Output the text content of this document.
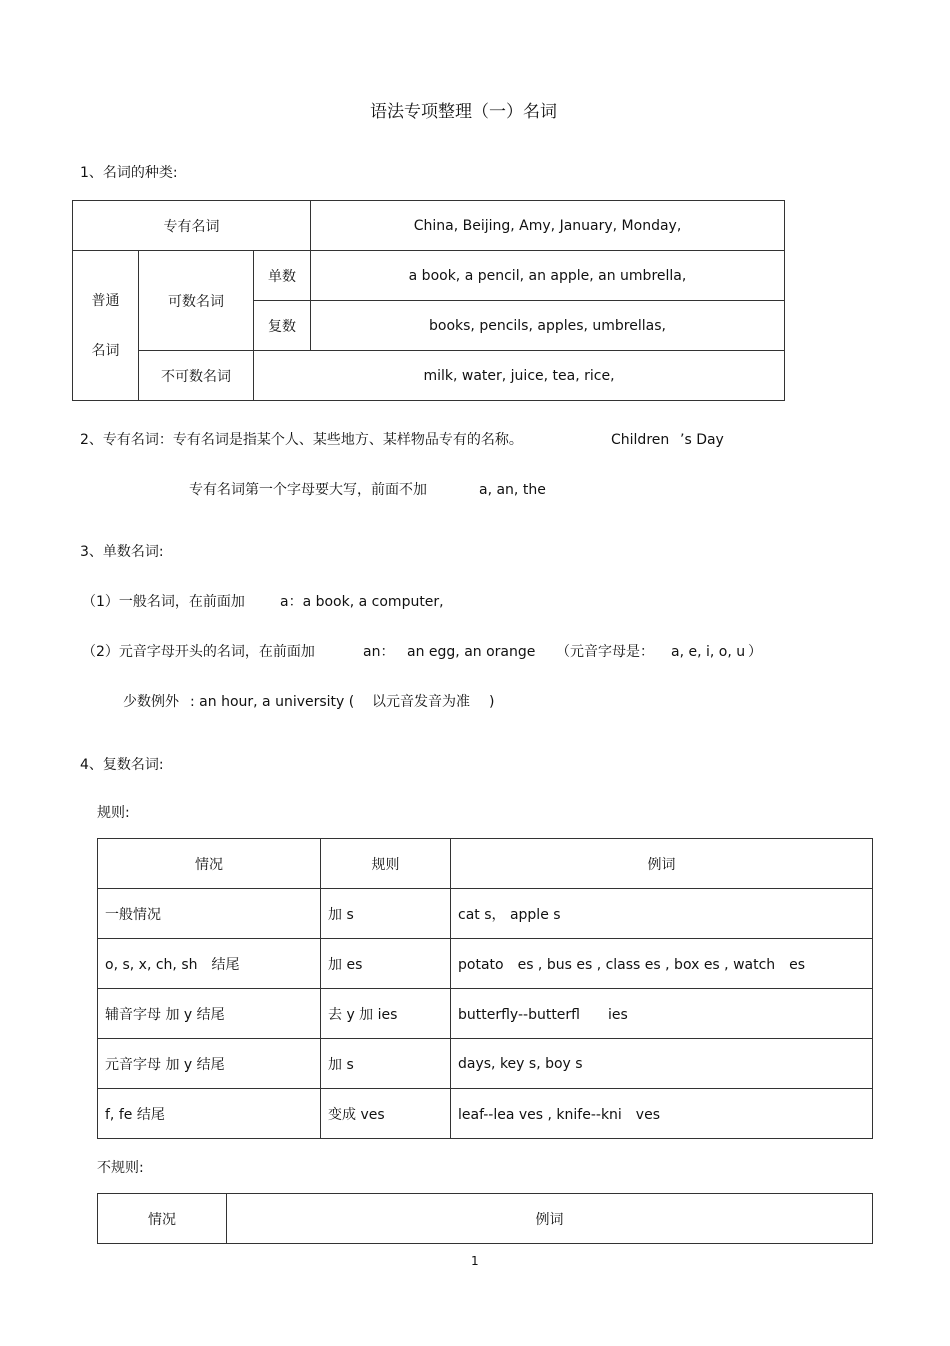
语法专项整理（一）名词
1、名词的种类:
专有名词			China, Beijing, Amy, January, Monday,

普通
名词	可数名词	单数	a book, a pencil, an apple, an umbrella,
		复数	books, pencils, apples, umbrellas,
	不可数名词	milk, water, juice, tea, rice,	
2、专有名词：专有名词是指某个人、某些地方、某样物品专有的名称。	Children ’s Day
专有名词第一个字母要大写，前面不加	a, an, the
3、单数名词:
（1）一般名词，在前面加	a：a book, a computer,
（2）元音字母开头的名词，在前面加	an： an egg, an orange （元音字母是： a, e, i, o, u ）
少数例外 : an hour, a university ( 以元音发音为准 )
4、复数名词:
规则:
情况	规则	例词
一般情况	加 s	cat s， apple s
o, s, x, ch, sh　结尾	加 es	potato　es , bus es , class es , box es , watch　es
辅音字母 加 y 结尾	去 y 加 ies	butterfly--butterfl　　ies
元音字母 加 y 结尾	加 s	days, key s, boy s
f, fe 结尾	变成 ves	leaf--lea ves , knife--kni　ves
不规则:
情况	例词
1
